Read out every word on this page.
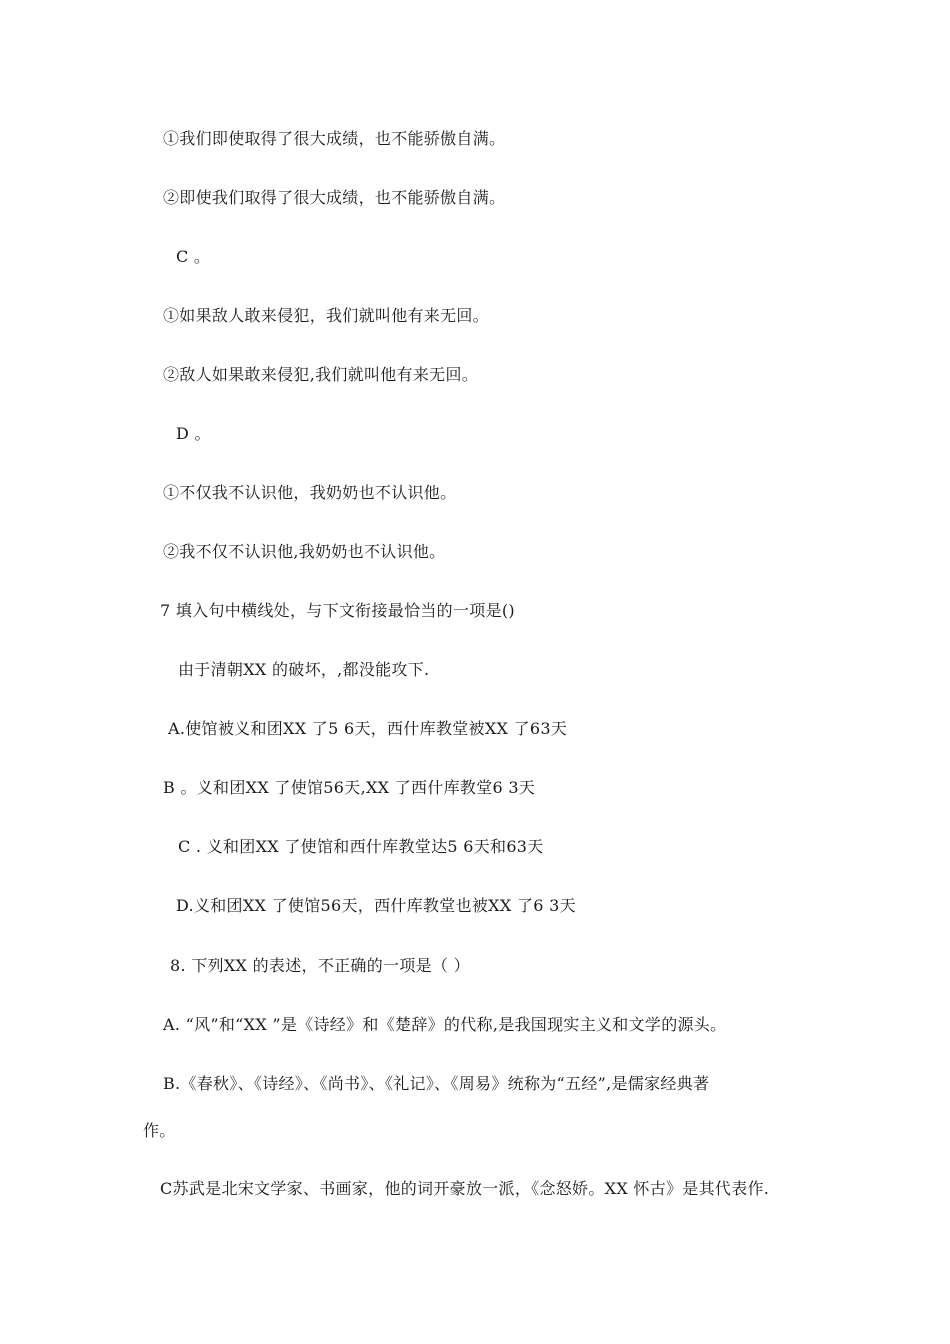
①我们即使取得了很大成绩，也不能骄傲自满。
②即使我们取得了很大成绩，也不能骄傲自满。
C 。
①如果敌人敢来侵犯，我们就叫他有来无回。
②敌人如果敢来侵犯,我们就叫他有来无回。
D 。
①不仅我不认识他，我奶奶也不认识他。
②我不仅不认识他,我奶奶也不认识他。
7 填入句中横线处，与下文衔接最恰当的一项是()
由于清朝XX 的破坏，,都没能攻下.
A.使馆被义和团XX 了5 6天，西什库教堂被XX 了63天
B 。义和团XX 了使馆56天,XX 了西什库教堂6 3天
C . 义和团XX 了使馆和西什库教堂达5 6天和63天
D.义和团XX 了使馆56天，西什库教堂也被XX 了6 3天
8. 下列XX 的表述，不正确的一项是（ ）
A. “风”和“XX ”是《诗经》和《楚辞》的代称,是我国现实主义和文学的源头。
B.《春秋》、《诗经》、《尚书》、《礼记》、《周易》统称为“五经”,是儒家经典著
作。
C苏武是北宋文学家、书画家，他的词开豪放一派，《念怒娇。XX 怀古》是其代表作.
